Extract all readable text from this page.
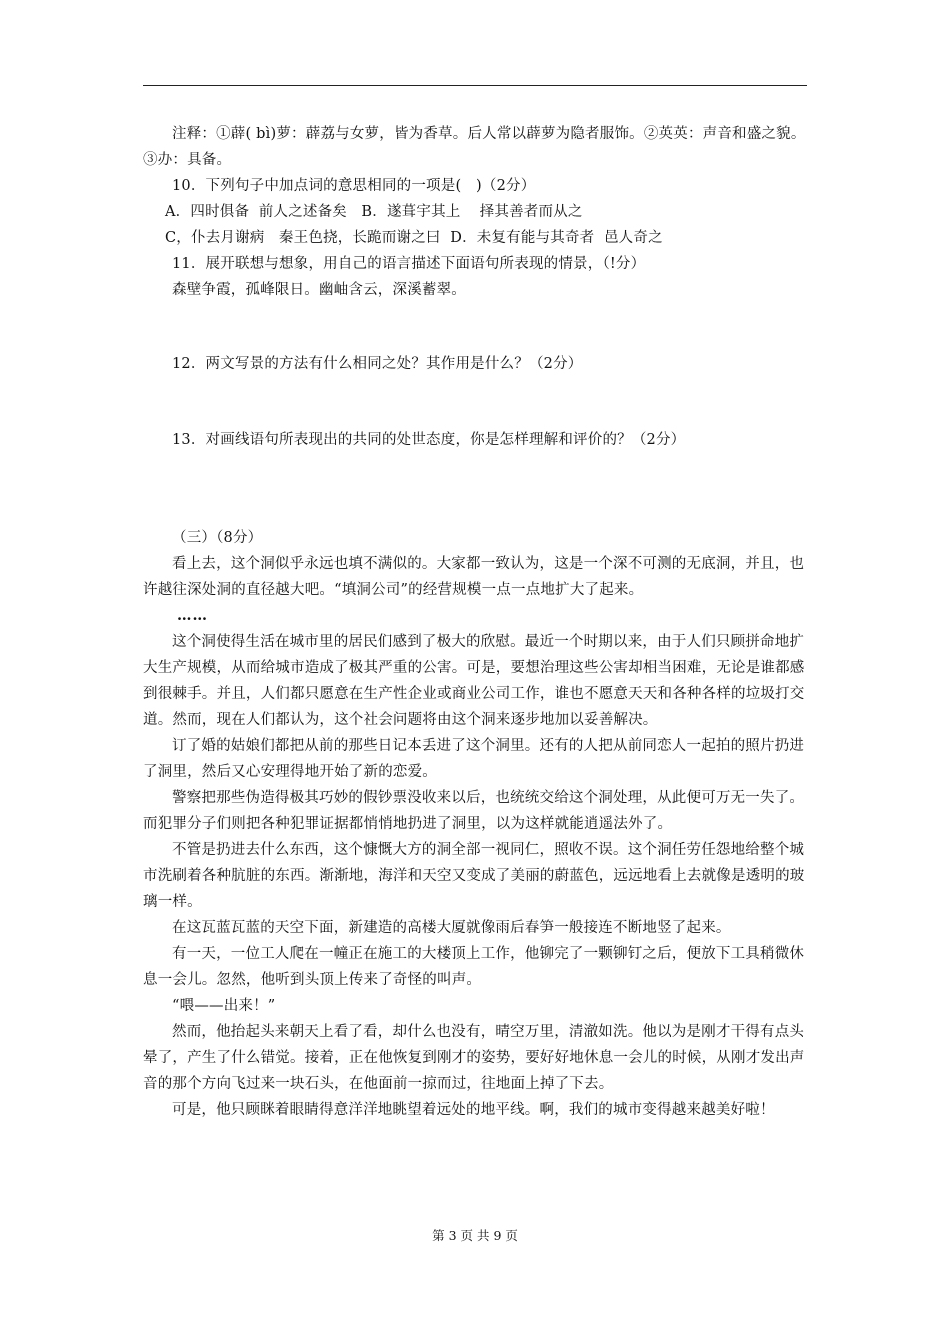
注释：①薜( bì)萝：薜荔与女萝，皆为香草。后人常以薜萝为隐者服饰。②英英：声音和盛之貌。③办：具备。

10．下列句子中加点词的意思相同的一项是(　)（2分）

A．四时俱备  前人之述备矣   B．遂葺宇其上    择其善者而从之

C，仆去月谢病   秦王色挠，长跪而谢之曰  D．未复有能与其奇者  邑人奇之

11．展开联想与想象，用自己的语言描述下面语句所表现的情景，（!分）

森壁争霞，孤峰限日。幽岫含云，深溪蓄翠。

12．两文写景的方法有什么相同之处？其作用是什么？（2分）

13．对画线语句所表现出的共同的处世态度，你是怎样理解和评价的？（2分）

（三）（8分）

看上去，这个洞似乎永远也填不满似的。大家都一致认为，这是一个深不可测的无底洞，并且，也许越往深处洞的直径越大吧。“填洞公司”的经营规模一点一点地扩大了起来。

……

这个洞使得生活在城市里的居民们感到了极大的欣慰。最近一个时期以来，由于人们只顾拼命地扩大生产规模，从而给城市造成了极其严重的公害。可是，要想治理这些公害却相当困难，无论是谁都感到很棘手。并且，人们都只愿意在生产性企业或商业公司工作，谁也不愿意天天和各种各样的垃圾打交道。然而，现在人们都认为，这个社会问题将由这个洞来逐步地加以妥善解决。

订了婚的姑娘们都把从前的那些日记本丢进了这个洞里。还有的人把从前同恋人一起拍的照片扔进了洞里，然后又心安理得地开始了新的恋爱。

警察把那些伪造得极其巧妙的假钞票没收来以后，也统统交给这个洞处理，从此便可万无一失了。而犯罪分子们则把各种犯罪证据都悄悄地扔进了洞里，以为这样就能逍遥法外了。

不管是扔进去什么东西，这个慷慨大方的洞全部一视同仁，照收不误。这个洞任劳任怨地给整个城市洗刷着各种肮脏的东西。渐渐地，海洋和天空又变成了美丽的蔚蓝色，远远地看上去就像是透明的玻璃一样。

在这瓦蓝瓦蓝的天空下面，新建造的高楼大厦就像雨后春笋一般接连不断地竖了起来。

有一天，一位工人爬在一幢正在施工的大楼顶上工作，他铆完了一颗铆钉之后，便放下工具稍微休息一会儿。忽然，他听到头顶上传来了奇怪的叫声。

“喂——出来！”

然而，他抬起头来朝天上看了看，却什么也没有，晴空万里，清澈如洗。他以为是刚才干得有点头晕了，产生了什么错觉。接着，正在他恢复到刚才的姿势，要好好地休息一会儿的时候，从刚才发出声音的那个方向飞过来一块石头，在他面前一掠而过，往地面上掉了下去。

可是，他只顾眯着眼睛得意洋洋地眺望着远处的地平线。啊，我们的城市变得越来越美好啦！

第 3 页 共 9 页
